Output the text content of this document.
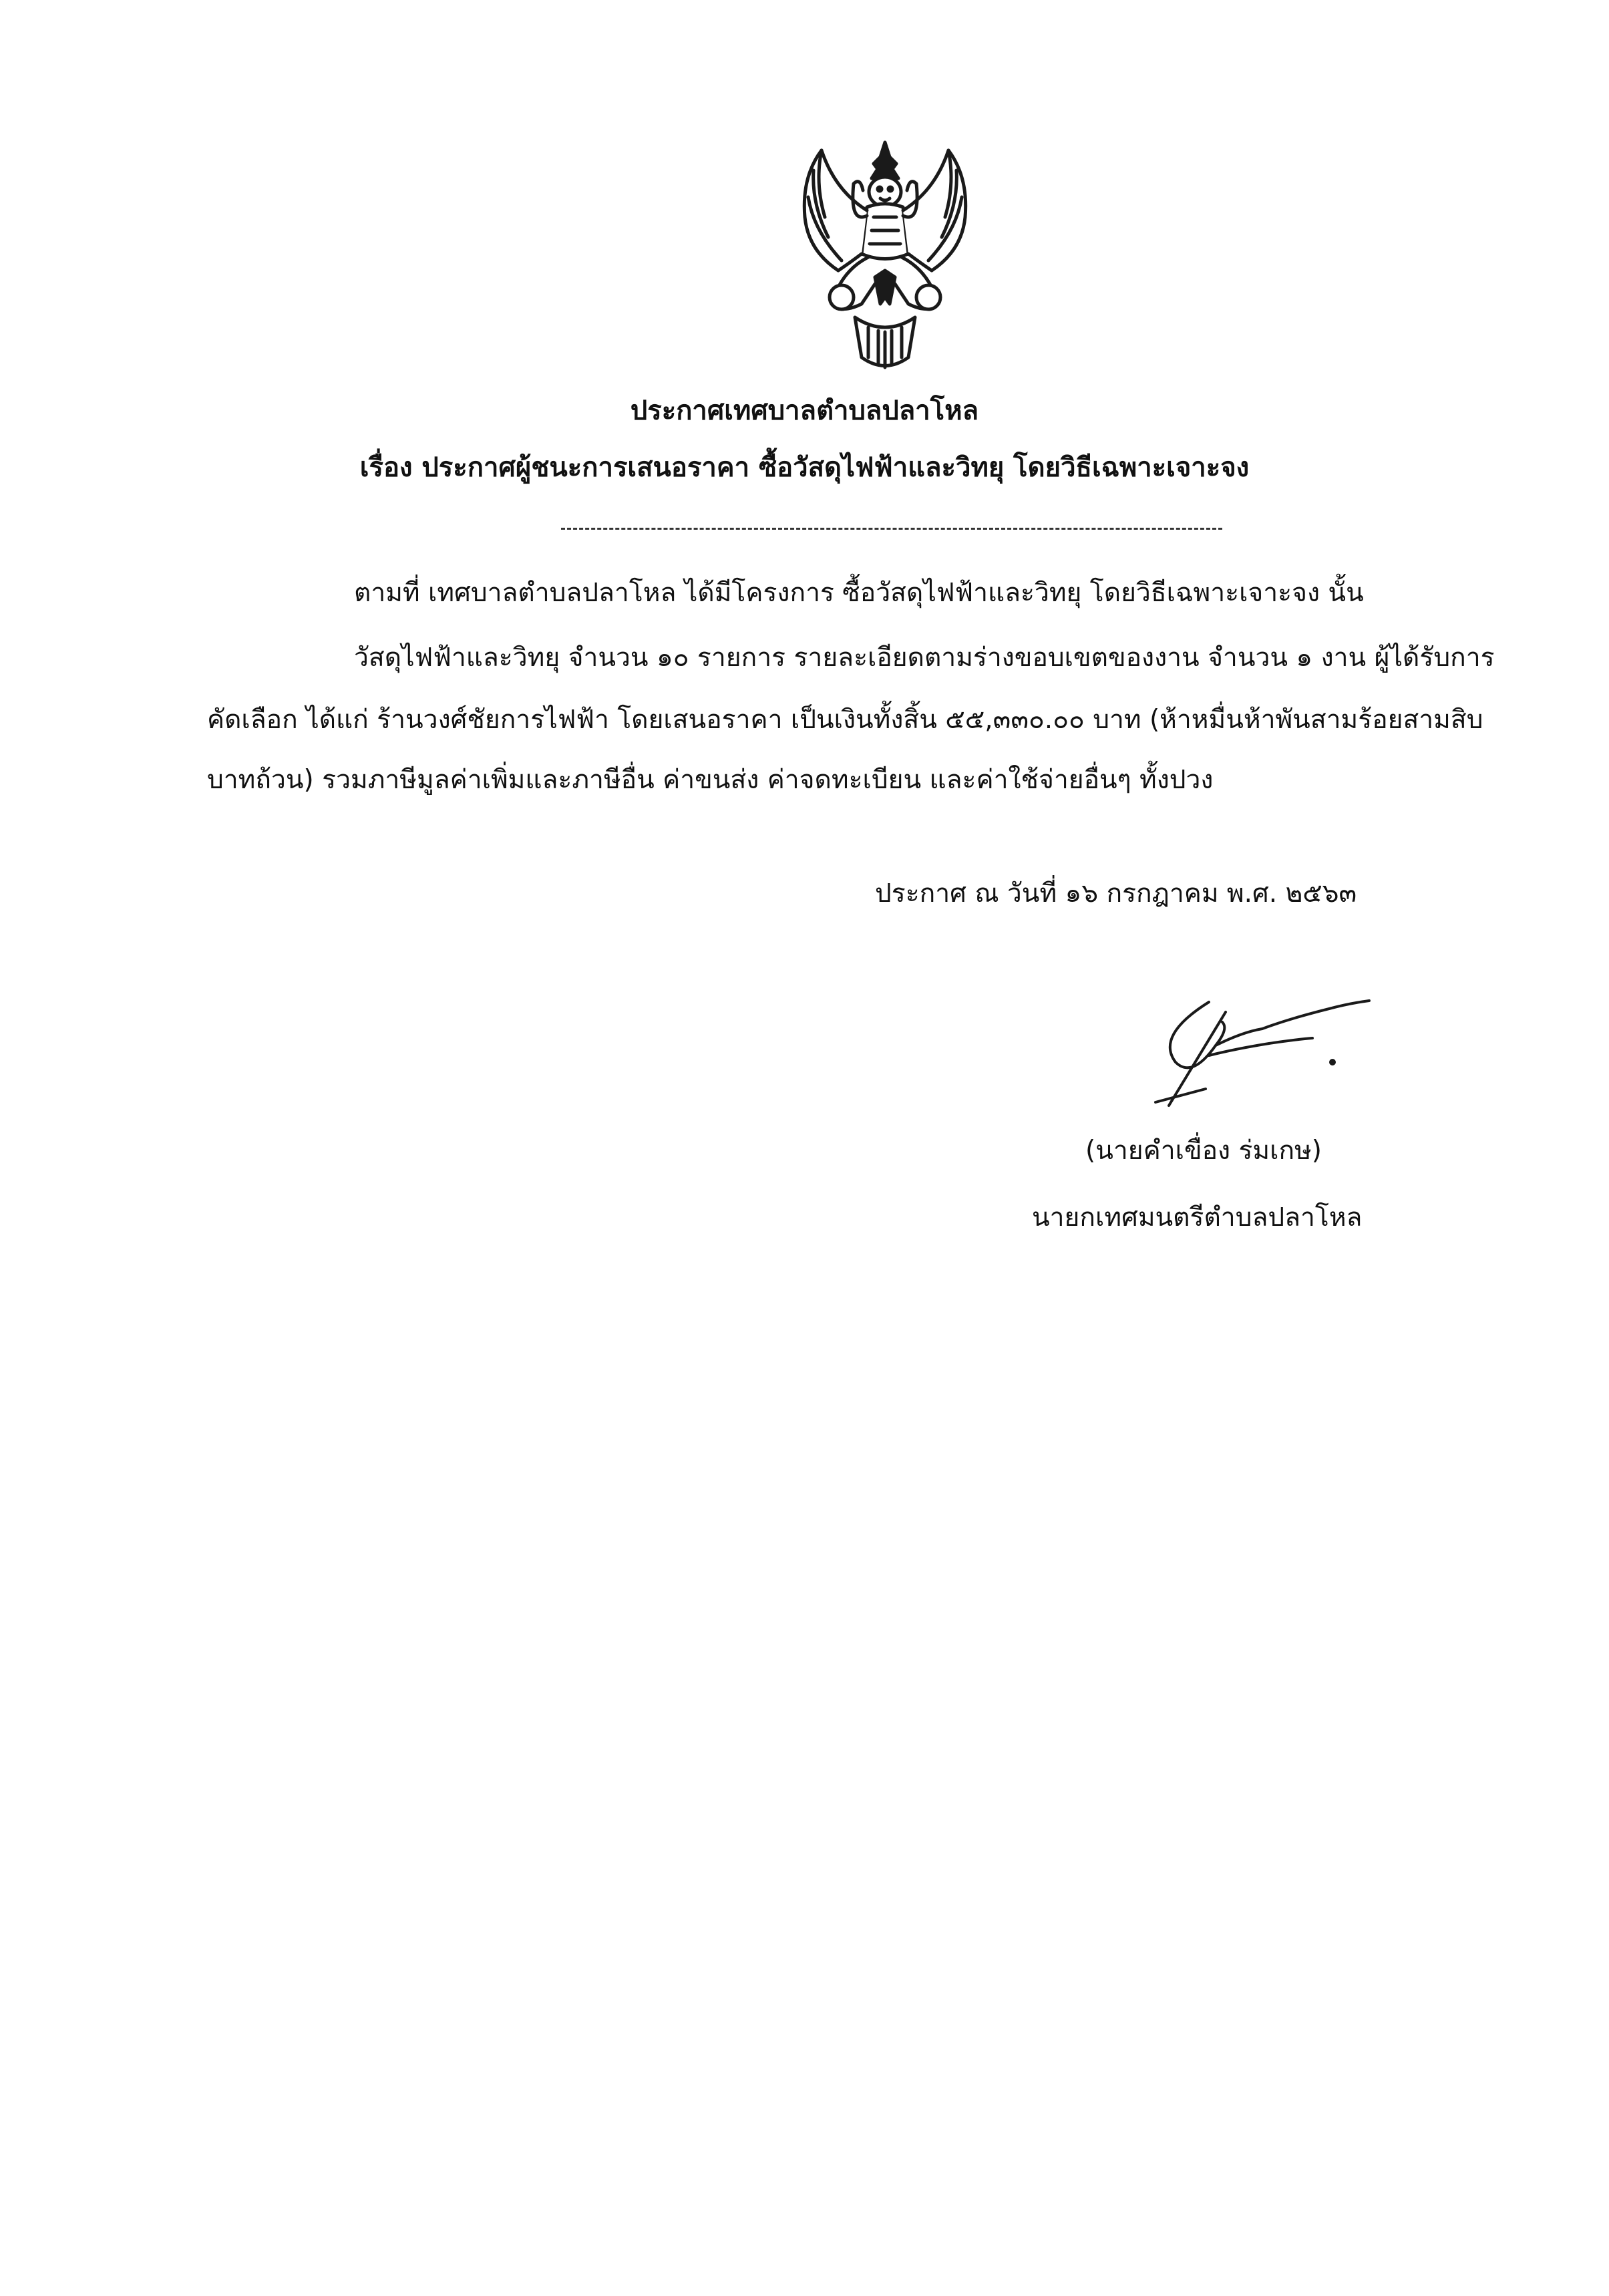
ประกาศเทศบาลตำบลปลาโหล
เรื่อง ประกาศผู้ชนะการเสนอราคา ซื้อวัสดุไฟฟ้าและวิทยุ โดยวิธีเฉพาะเจาะจง
ตามที่ เทศบาลตำบลปลาโหล ได้มีโครงการ ซื้อวัสดุไฟฟ้าและวิทยุ โดยวิธีเฉพาะเจาะจง นั้น
วัสดุไฟฟ้าและวิทยุ จำนวน ๑๐ รายการ รายละเอียดตามร่างขอบเขตของงาน จำนวน ๑ งาน ผู้ได้รับการ
คัดเลือก ได้แก่ ร้านวงศ์ชัยการไฟฟ้า โดยเสนอราคา เป็นเงินทั้งสิ้น ๕๕,๓๓๐.๐๐ บาท (ห้าหมื่นห้าพันสามร้อยสามสิบ
บาทถ้วน) รวมภาษีมูลค่าเพิ่มและภาษีอื่น ค่าขนส่ง ค่าจดทะเบียน และค่าใช้จ่ายอื่นๆ ทั้งปวง
ประกาศ ณ วันที่ ๑๖ กรกฎาคม พ.ศ. ๒๕๖๓
(นายคำเขื่อง ร่มเกษ)
นายกเทศมนตรีตำบลปลาโหล
